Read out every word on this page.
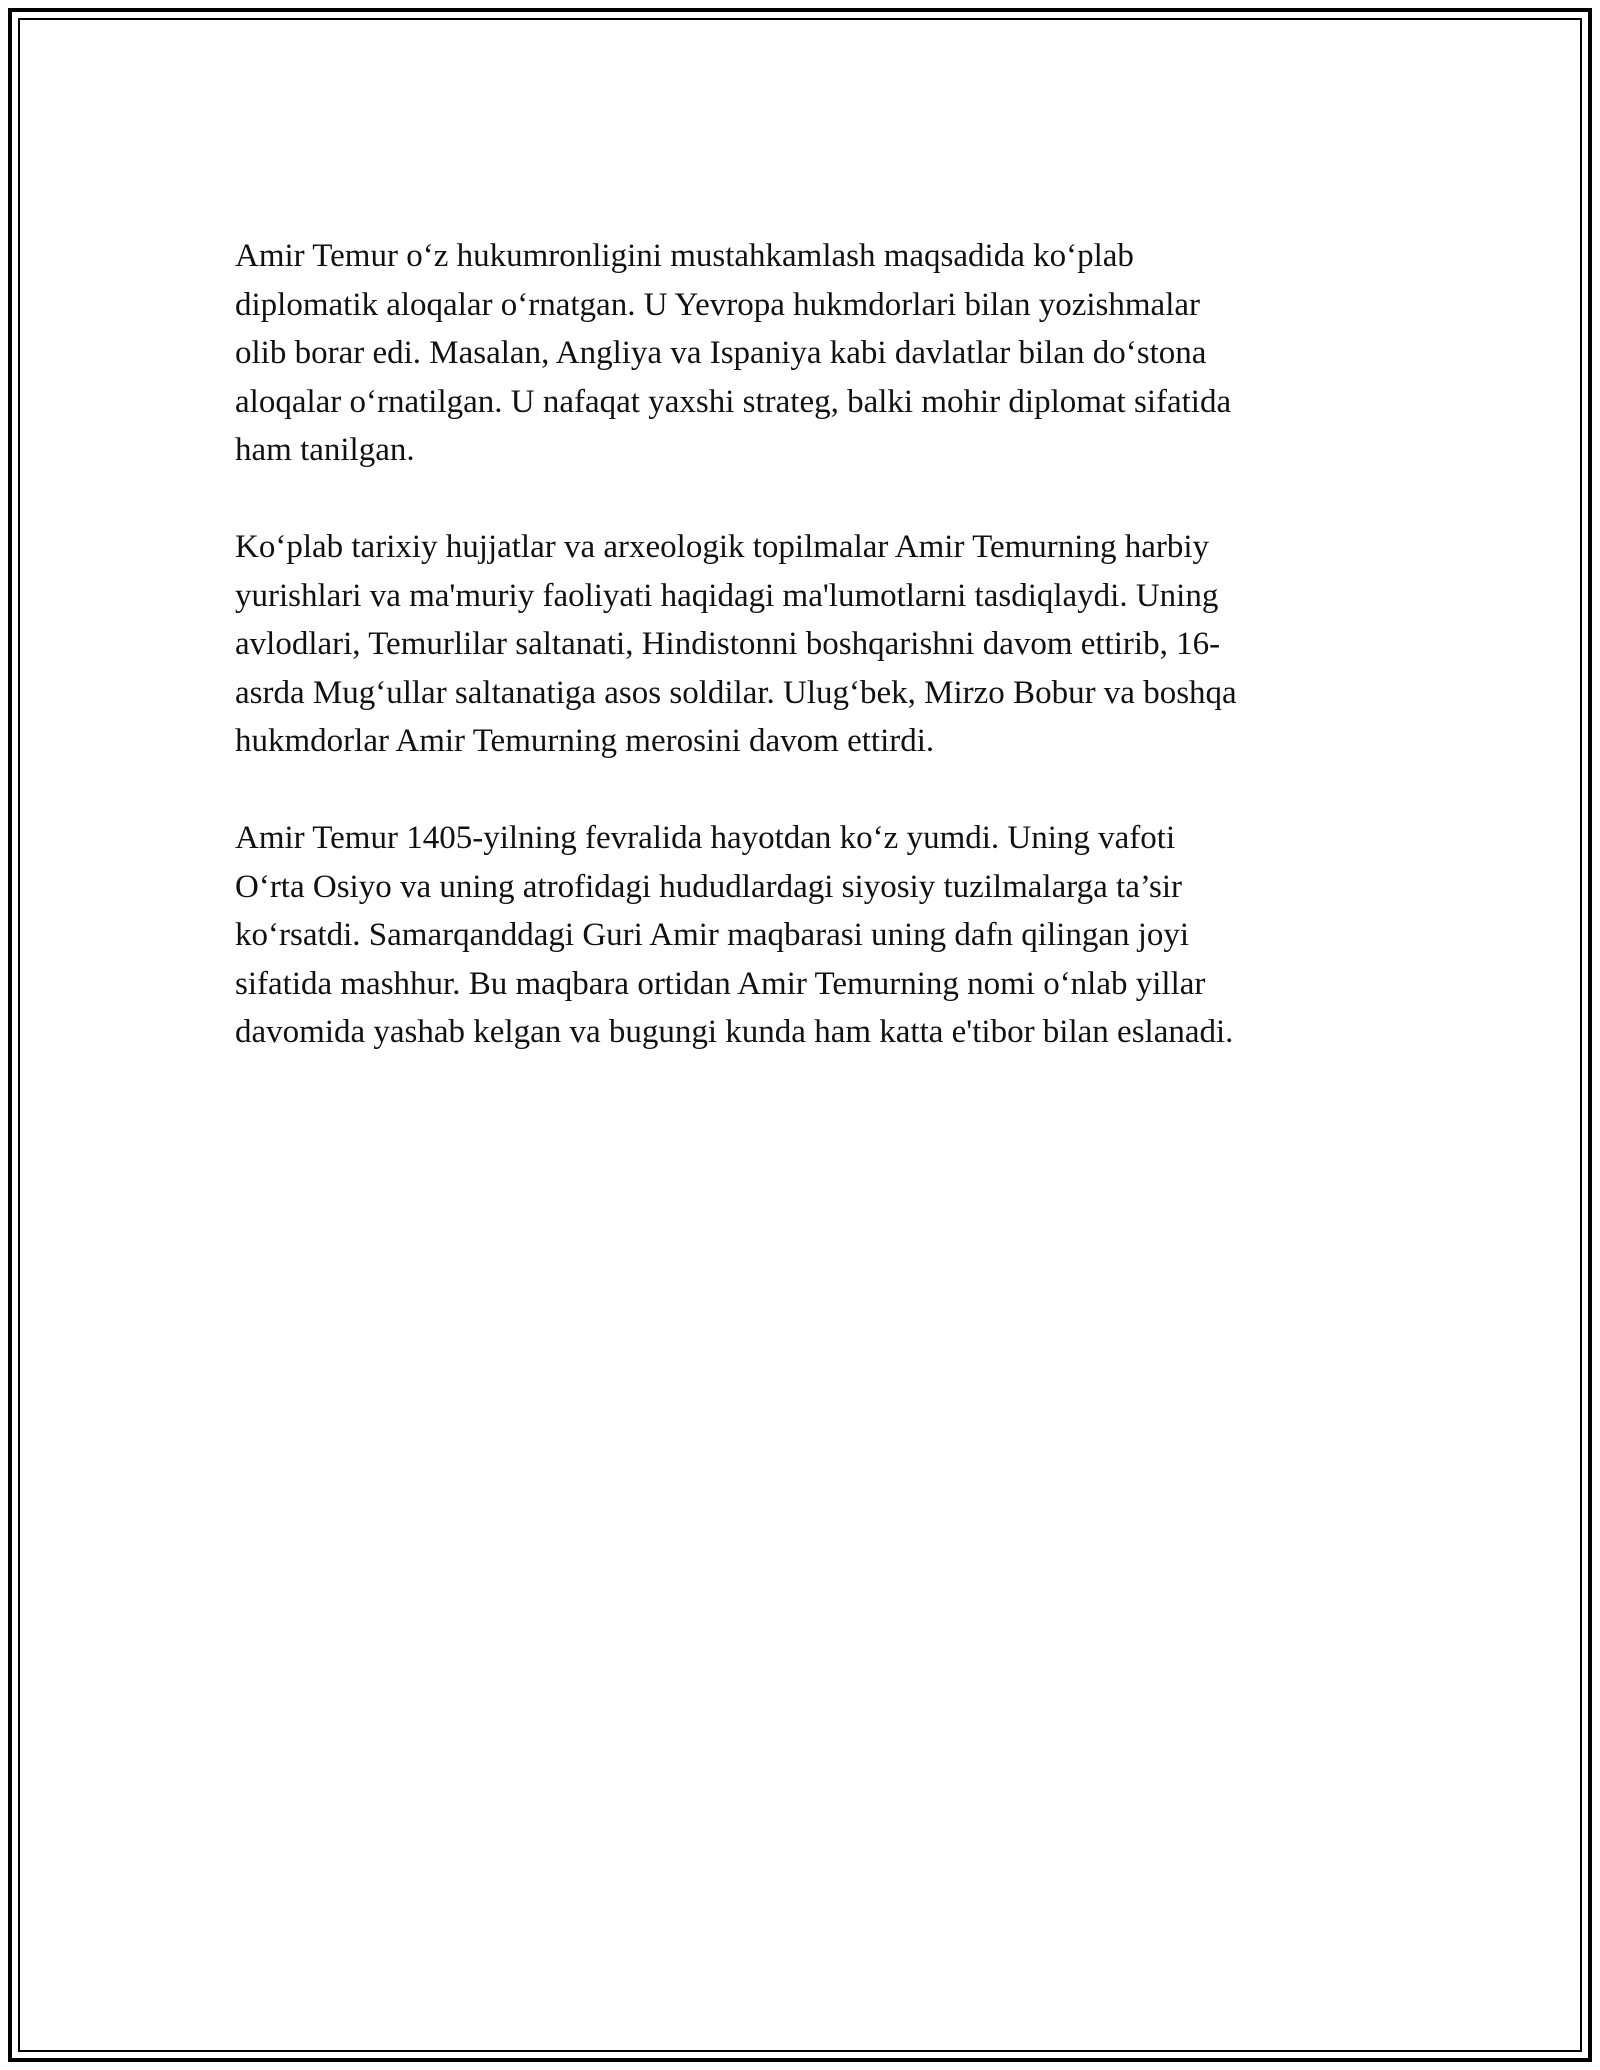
Amir Temur o‘z hukumronligini mustahkamlash maqsadida ko‘plab
diplomatik aloqalar o‘rnatgan. U Yevropa hukmdorlari bilan yozishmalar
olib borar edi. Masalan, Angliya va Ispaniya kabi davlatlar bilan do‘stona
aloqalar o‘rnatilgan. U nafaqat yaxshi strateg, balki mohir diplomat sifatida
ham tanilgan.

Ko‘plab tarixiy hujjatlar va arxeologik topilmalar Amir Temurning harbiy
yurishlari va ma'muriy faoliyati haqidagi ma'lumotlarni tasdiqlaydi. Uning
avlodlari, Temurlilar saltanati, Hindistonni boshqarishni davom ettirib, 16-
asrda Mug‘ullar saltanatiga asos soldilar. Ulug‘bek, Mirzo Bobur va boshqa
hukmdorlar Amir Temurning merosini davom ettirdi.

Amir Temur 1405-yilning fevralida hayotdan ko‘z yumdi. Uning vafoti
O‘rta Osiyo va uning atrofidagi hududlardagi siyosiy tuzilmalarga ta’sir
ko‘rsatdi. Samarqanddagi Guri Amir maqbarasi uning dafn qilingan joyi
sifatida mashhur. Bu maqbara ortidan Amir Temurning nomi o‘nlab yillar
davomida yashab kelgan va bugungi kunda ham katta e'tibor bilan eslanadi.
